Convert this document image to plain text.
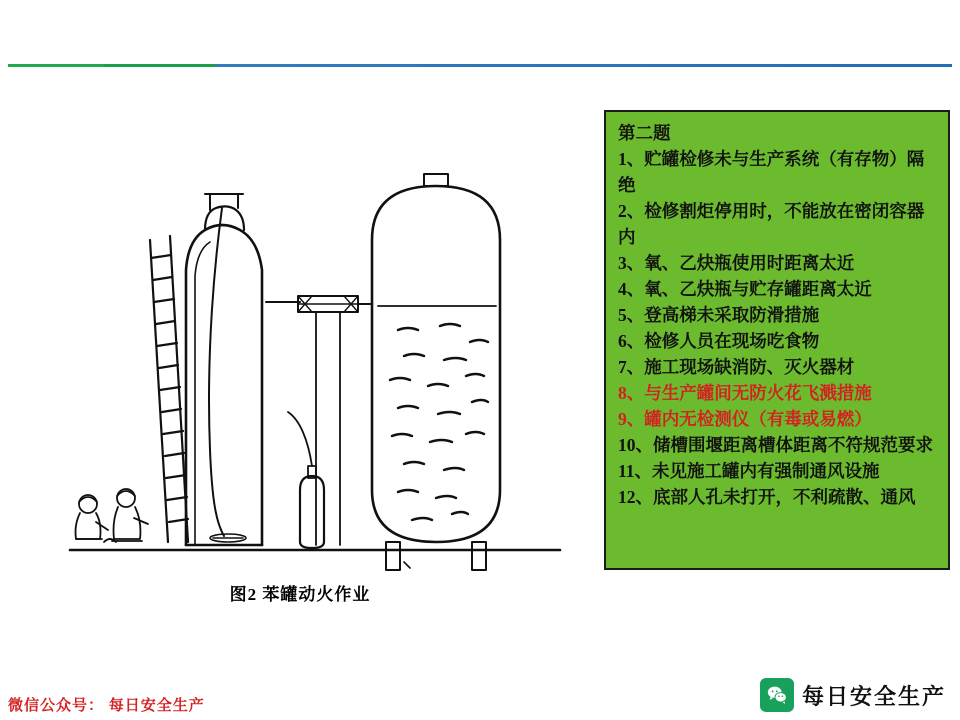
图2 苯罐动火作业
第二题
1、贮罐检修未与生产系统（有存物）隔绝
2、检修割炬停用时，不能放在密闭容器内
3、氧、乙炔瓶使用时距离太近
4、氧、乙炔瓶与贮存罐距离太近
5、登高梯未采取防滑措施
6、检修人员在现场吃食物
7、施工现场缺消防、灭火器材
8、与生产罐间无防火花飞溅措施
9、罐内无检测仪（有毒或易燃）
10、储槽围堰距离槽体距离不符规范要求
11、未见施工罐内有强制通风设施
12、底部人孔未打开，不利疏散、通风
微信公众号： 每日安全生产	每日安全生产
